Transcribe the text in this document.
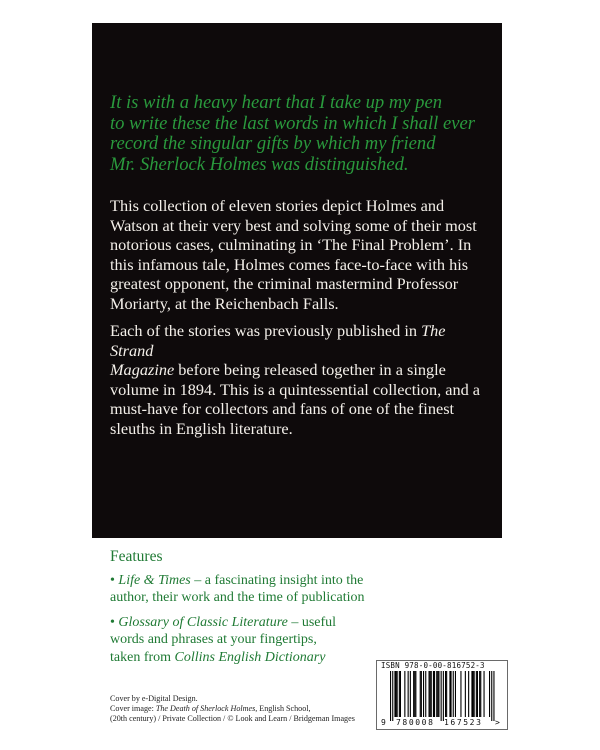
It is with a heavy heart that I take up my pen
to write these the last words in which I shall ever
record the singular gifts by which my friend
Mr. Sherlock Holmes was distinguished.

This collection of eleven stories depict Holmes and
Watson at their very best and solving some of their most
notorious cases, culminating in ‘The Final Problem’. In
this infamous tale, Holmes comes face-to-face with his
greatest opponent, the criminal mastermind Professor
Moriarty, at the Reichenbach Falls.

Each of the stories was previously published in The Strand
Magazine before being released together in a single
volume in 1894. This is a quintessential collection, and a
must-have for collectors and fans of one of the finest
sleuths in English literature.

Features

• Life & Times – a fascinating insight into the
author, their work and the time of publication

• Glossary of Classic Literature – useful
words and phrases at your fingertips,
taken from Collins English Dictionary

Cover by e-Digital Design.
Cover image: The Death of Sherlock Holmes, English School,
(20th century) / Private Collection / © Look and Learn / Bridgeman Images

ISBN 978-0-00-816752-3
9 780008 167523 >
